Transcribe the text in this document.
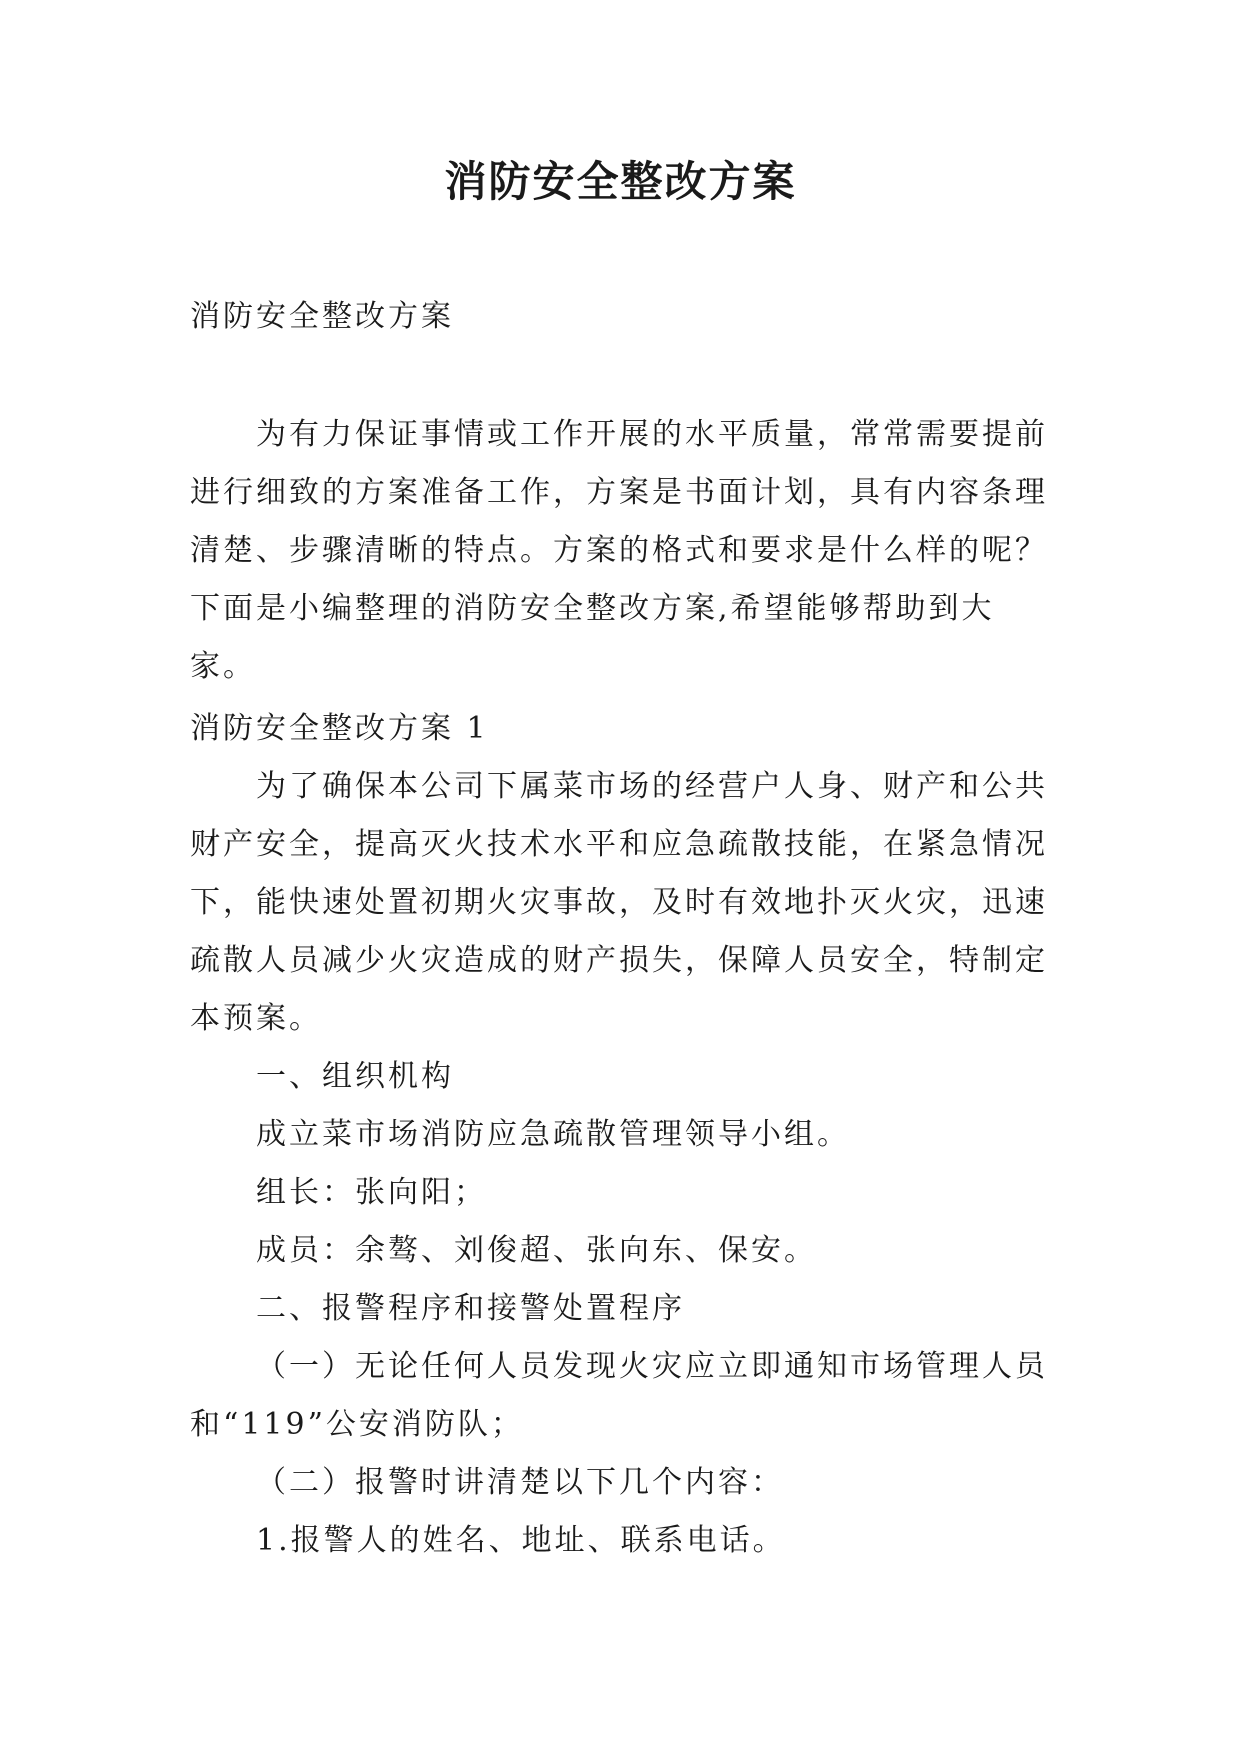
消防安全整改方案
消防安全整改方案

为有力保证事情或工作开展的水平质量，常常需要提前进行细致的方案准备工作，方案是书面计划，具有内容条理清楚、步骤清晰的特点。方案的格式和要求是什么样的呢？下面是小编整理的消防安全整改方案,希望能够帮助到大家。

消防安全整改方案 1

为了确保本公司下属菜市场的经营户人身、财产和公共财产安全，提高灭火技术水平和应急疏散技能，在紧急情况下，能快速处置初期火灾事故，及时有效地扑灭火灾，迅速疏散人员减少火灾造成的财产损失，保障人员安全，特制定本预案。

一、组织机构

成立菜市场消防应急疏散管理领导小组。

组长：张向阳；

成员：余骜、刘俊超、张向东、保安。

二、报警程序和接警处置程序

（一）无论任何人员发现火灾应立即通知市场管理人员和“119”公安消防队；

（二）报警时讲清楚以下几个内容：

1.报警人的姓名、地址、联系电话。
